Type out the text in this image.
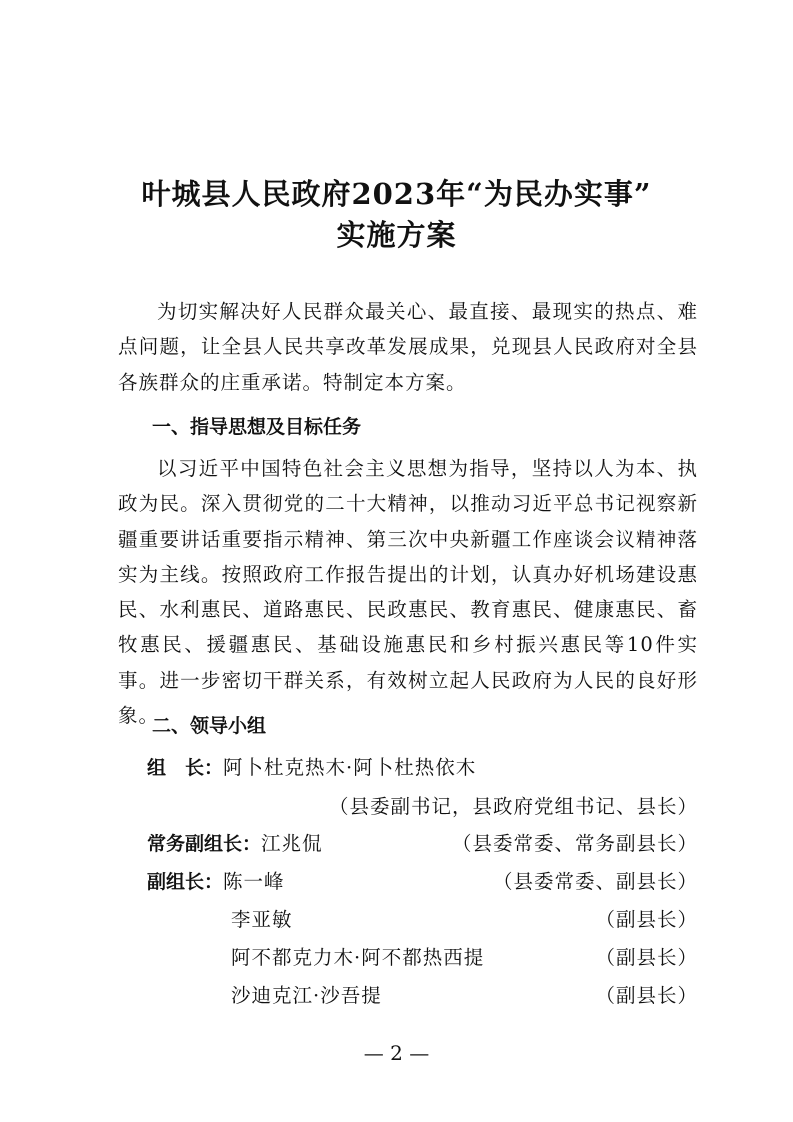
叶城县人民政府2023年“为民办实事”
实施方案
为切实解决好人民群众最关心、最直接、最现实的热点、难点问题，让全县人民共享改革发展成果，兑现县人民政府对全县各族群众的庄重承诺。特制定本方案。
一、指导思想及目标任务
以习近平中国特色社会主义思想为指导，坚持以人为本、执政为民。深入贯彻党的二十大精神，以推动习近平总书记视察新疆重要讲话重要指示精神、第三次中央新疆工作座谈会议精神落实为主线。按照政府工作报告提出的计划，认真办好机场建设惠民、水利惠民、道路惠民、民政惠民、教育惠民、健康惠民、畜牧惠民、援疆惠民、基础设施惠民和乡村振兴惠民等10件实事。进一步密切干群关系，有效树立起人民政府为人民的良好形象。
二、领导小组
组　长：阿卜杜克热木·阿卜杜热依木
（县委副书记，县政府党组书记、县长）
常务副组长：江兆侃	（县委常委、常务副县长）
副组长：陈一峰	（县委常委、副县长）
李亚敏	（副县长）
阿不都克力木·阿不都热西提	（副县长）
沙迪克江·沙吾提	（副县长）
— 2 —
